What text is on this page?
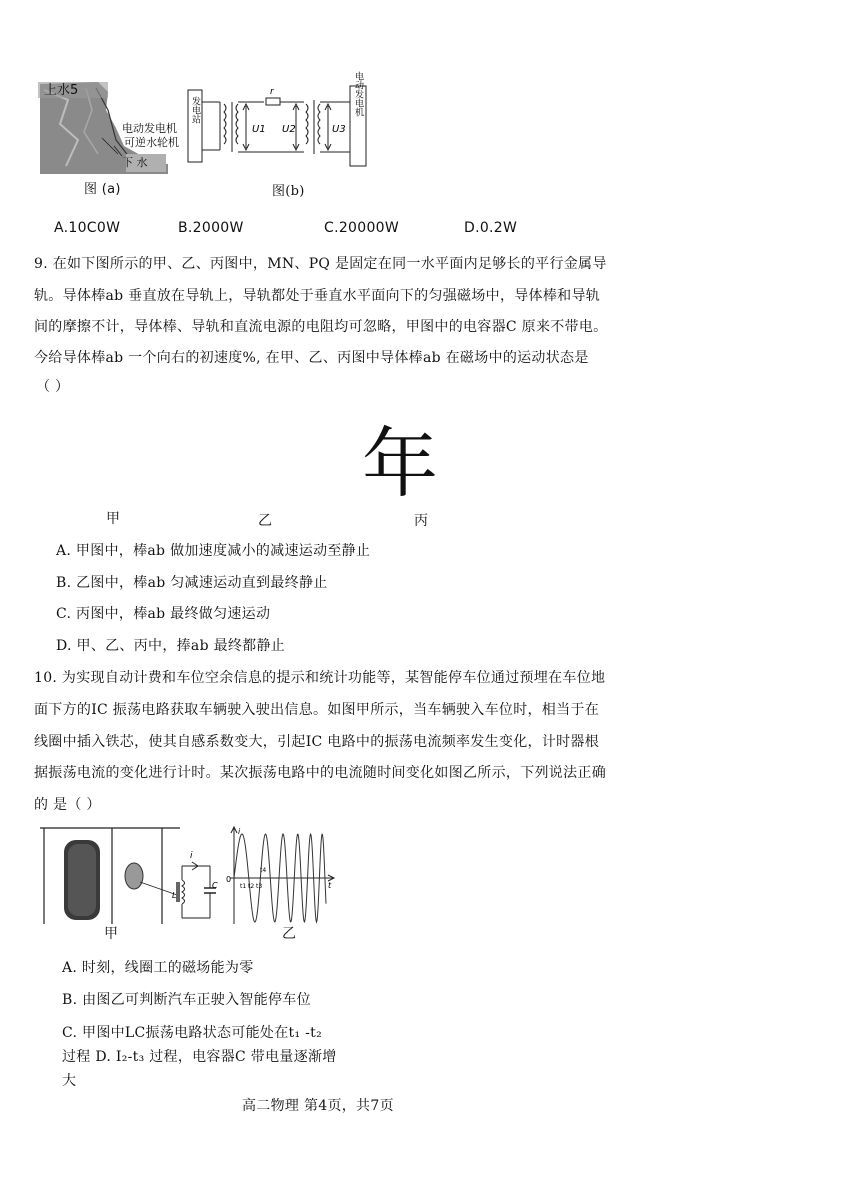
上水5
电动发电机
可逆水轮机
下 水
发电站	电动发电机
U1
r
U2	U3
图 (a)	图(b)
A.10C0W	B.2000W	C.20000W	D.0.2W
9. 在如下图所示的甲、乙、丙图中，MN、PQ 是固定在同一水平面内足够长的平行金属导
轨。导体棒ab 垂直放在导轨上，导轨都处于垂直水平面向下的匀强磁场中，导体棒和导轨
间的摩擦不计，导体棒、导轨和直流电源的电阻均可忽略，甲图中的电容器C 原来不带电。
今给导体棒ab 一个向右的初速度%, 在甲、乙、丙图中导体棒ab 在磁场中的运动状态是
（ ）
年
甲	乙	丙
A. 甲图中，棒ab 做加速度减小的减速运动至静止
B. 乙图中，棒ab 匀减速运动直到最终静止
C. 丙图中，棒ab 最终做匀速运动
D. 甲、乙、丙中，捧ab 最终都静止
10. 为实现自动计费和车位空余信息的提示和统计功能等，某智能停车位通过预埋在车位地
面下方的IC 振荡电路获取车辆驶入驶出信息。如图甲所示，当车辆驶入车位时，相当于在
线圈中插入铁芯，使其自感系数变大，引起IC 电路中的振荡电流频率发生变化，计时器根
据振荡电流的变化进行计时。某次振荡电路中的电流随时间变化如图乙所示，下列说法正确
的 是（ ）
i
L
C
i
t
0
t1 t2 t3
t4
甲	乙
A. 时刻，线圈工的磁场能为零
B. 由图乙可判断汽车正驶入智能停车位
C. 甲图中LC振荡电路状态可能处在t₁ -t₂
过程 D. I₂-t₃ 过程，电容器C 带电量逐渐增
大
高二物理 第4页，共7页
